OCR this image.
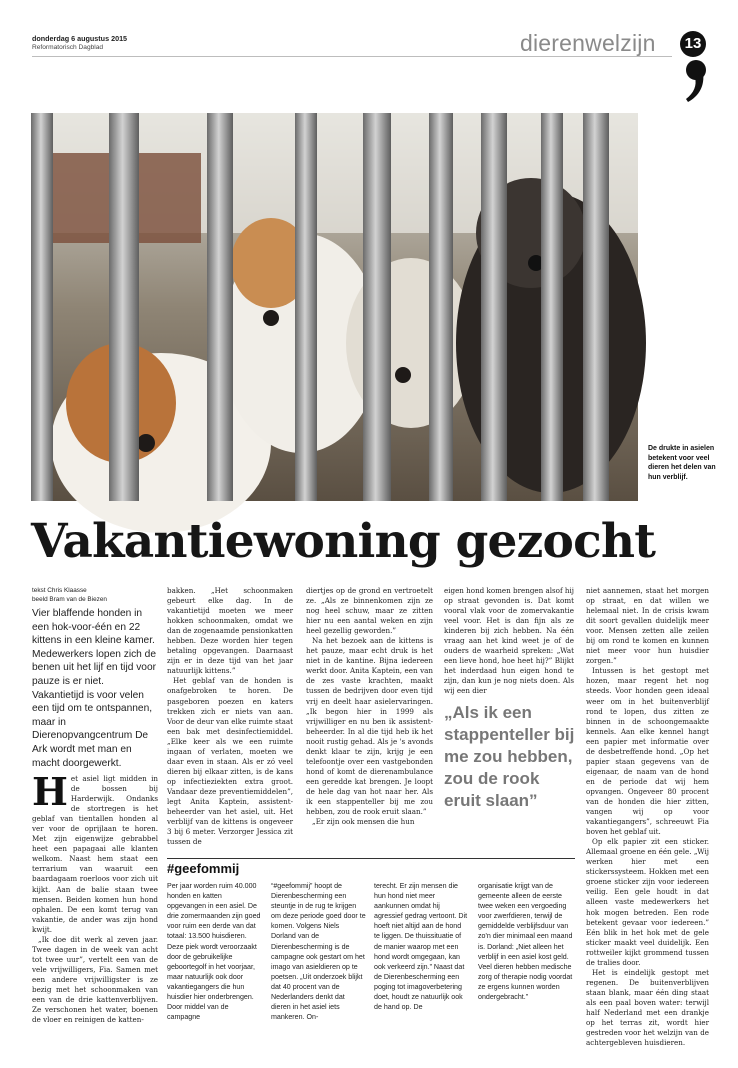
donderdag 6 augustus 2015
Reformatorisch Dagblad	dierenwelzijn	13
De drukte in asielen betekent voor veel dieren het delen van hun verblijf.
Vakantiewoning gezocht
tekst Chris Klaasse
beeld Bram van de Biezen
Vier blaffende honden in een hok-voor-één en 22 kittens in een kleine kamer. Medewerkers lopen zich de benen uit het lijf en tijd voor pauze is er niet. Vakantietijd is voor velen een tijd om te ontspannen, maar in Dierenopvangcentrum De Ark wordt met man en macht doorgewerkt.
H et asiel ligt midden in de bossen bij Harderwijk. Ondanks de stortregen is het geblaf van tientallen honden al ver voor de oprijlaan te horen. Met zijn eigenwijze gebrabbel heet een papagaai alle klanten welkom. Naast hem staat een terrarium van waaruit een baardagaam roerloos voor zich uit kijkt. Aan de balie staan twee mensen. Beiden komen hun hond ophalen. De een komt terug van vakantie, de ander was zijn hond kwijt.

„Ik doe dit werk al zeven jaar. Twee dagen in de week van acht tot twee uur”, vertelt een van de vele vrijwilligers, Fia. Samen met een andere vrijwilligster is ze bezig met het schoonmaken van een van de drie kattenverblijven. Ze verschonen het water, boenen de vloer en reinigen de katten-

bakken. „Het schoonmaken gebeurt elke dag. In de vakantietijd moeten we meer hokken schoonmaken, omdat we dan de zogenaamde pensionkatten hebben. Deze worden hier tegen betaling opgevangen. Daarnaast zijn er in deze tijd van het jaar natuurlijk kittens.”

Het geblaf van de honden is onafgebroken te horen. De pasgeboren poezen en katers trekken zich er niets van aan. Voor de deur van elke ruimte staat een bak met desinfectiemiddel. „Elke keer als we een ruimte ingaan of verlaten, moeten we daar even in staan. Als er zó veel dieren bij elkaar zitten, is de kans op infectieziekten extra groot. Vandaar deze preventiemiddelen”, legt Anita Kaptein, assistent-beheerder van het asiel, uit. Het verblijf van de kittens is ongeveer 3 bij 6 meter. Verzorger Jessica zit tussen de

diertjes op de grond en vertroetelt ze. „Als ze binnenkomen zijn ze nog heel schuw, maar ze zitten hier nu een aantal weken en zijn heel gezellig geworden.”

Na het bezoek aan de kittens is het pauze, maar echt druk is het niet in de kantine. Bijna iedereen werkt door. Anita Kaptein, een van de zes vaste krachten, maakt tussen de bedrijven door even tijd vrij en deelt haar asielervaringen. „Ik begon hier in 1999 als vrijwilliger en nu ben ik assistent-beheerder. In al die tijd heb ik het nooit rustig gehad. Als je 's avonds denkt klaar te zijn, krijg je een telefoontje over een vastgebonden hond of komt de dierenambulance een geredde kat brengen. Je loopt de hele dag van hot naar her. Als ik een stappenteller bij me zou hebben, zou de rook eruit slaan.”

„Er zijn ook mensen die hun

eigen hond komen brengen alsof hij op straat gevonden is. Dat komt vooral vlak voor de zomervakantie veel voor. Het is dan fijn als ze kinderen bij zich hebben. Na één vraag aan het kind weet je of de ouders de waarheid spreken: „Wat een lieve hond, hoe heet hij?” Blijkt het inderdaad hun eigen hond te zijn, dan kun je nog niets doen. Als wij een dier

„Als ik een stappenteller bij me zou hebben, zou de rook eruit slaan”

niet aannemen, staat het morgen op straat, en dat willen we helemaal niet. In de crisis kwam dit soort gevallen duidelijk meer voor. Mensen zetten alle zeilen bij om rond te komen en kunnen niet meer voor hun huisdier zorgen.”

Intussen is het gestopt met hozen, maar regent het nog steeds. Voor honden geen ideaal weer om in het buitenverblijf rond te lopen, dus zitten ze binnen in de schoongemaakte kennels. Aan elke kennel hangt een papier met informatie over de desbetreffende hond. „Op het papier staan gegevens van de eigenaar, de naam van de hond en de periode dat wij hem opvangen. Ongeveer 80 procent van de honden die hier zitten, vangen wij op voor vakantiegangers”, schreeuwt Fia boven het geblaf uit.

Op elk papier zit een sticker. Allemaal groene en één gele. „Wij werken hier met een stickerssysteem. Hokken met een groene sticker zijn voor iedereen veilig. Een gele houdt in dat alleen vaste medewerkers het hok mogen betreden. Een rode betekent gevaar voor iedereen.” Eén blik in het hok met de gele sticker maakt veel duidelijk. Een rottweiler kijkt grommend tussen de tralies door.

Het is eindelijk gestopt met regenen. De buitenverblijven staan blank, maar één ding staat als een paal boven water: terwijl half Nederland met een drankje op het terras zit, wordt hier gestreden voor het welzijn van de achtergebleven huisdieren.

#geefommij
Per jaar worden ruim 40.000 honden en katten opgevangen in een asiel. De drie zomermaanden zijn goed voor ruim een derde van dat totaal: 13.500 huisdieren. Deze piek wordt veroorzaakt door de gebruikelijke geboortegolf in het voorjaar, maar natuurlijk ook door vakantiegangers die hun huisdier hier onderbrengen. Door middel van de campagne
“#geefommij” hoopt de Dierenbescherming een steuntje in de rug te krijgen om deze periode goed door te komen. Volgens Niels Dorland van de Dierenbescherming is de campagne ook gestart om het imago van asieldieren op te poetsen. „Uit onderzoek blijkt dat 40 procent van de Nederlanders denkt dat dieren in het asiel iets mankeren. On-
terecht. Er zijn mensen die hun hond niet meer aankunnen omdat hij agressief gedrag vertoont. Dit hoeft niet altijd aan de hond te liggen. De thuissituatie of de manier waarop met een hond wordt omgegaan, kan ook verkeerd zijn.” Naast dat de Dierenbescherming een poging tot imagoverbetering doet, houdt ze natuurlijk ook de hand op. De
organisatie krijgt van de gemeente alleen de eerste twee weken een vergoeding voor zwerfdieren, terwijl de gemiddelde verblijfsduur van zo'n dier minimaal een maand is. Dorland: „Niet alleen het verblijf in een asiel kost geld. Veel dieren hebben medische zorg of therapie nodig voordat ze ergens kunnen worden ondergebracht.”
